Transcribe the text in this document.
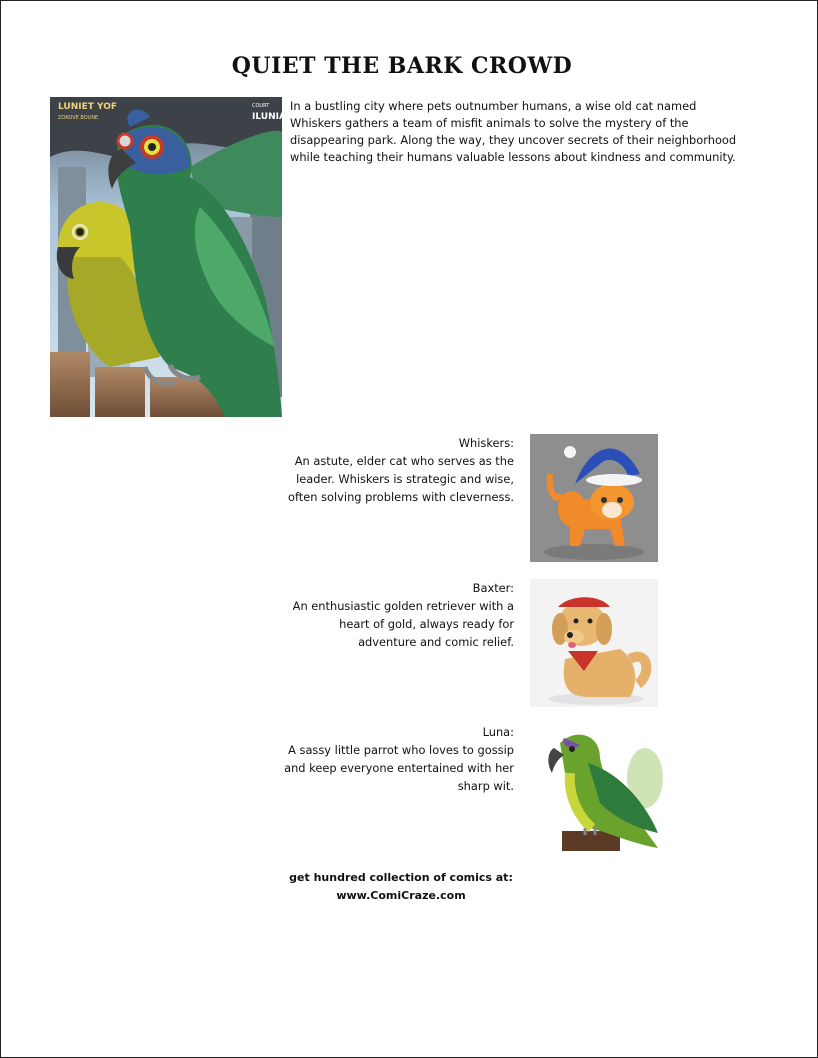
QUIET THE BARK CROWD
LUNIET YOF
ZOKOVE BOUNE
COURT
ILUNIA
In a bustling city where pets outnumber humans, a wise old cat named Whiskers gathers a team of misfit animals to solve the mystery of the disappearing park. Along the way, they uncover secrets of their neighborhood while teaching their humans valuable lessons about kindness and community.
Whiskers:
An astute, elder cat who serves as the leader. Whiskers is strategic and wise, often solving problems with cleverness.
Baxter:
An enthusiastic golden retriever with a heart of gold, always ready for adventure and comic relief.
Luna:
A sassy little parrot who loves to gossip and keep everyone entertained with her sharp wit.
get hundred collection of comics at:
www.ComiCraze.com
